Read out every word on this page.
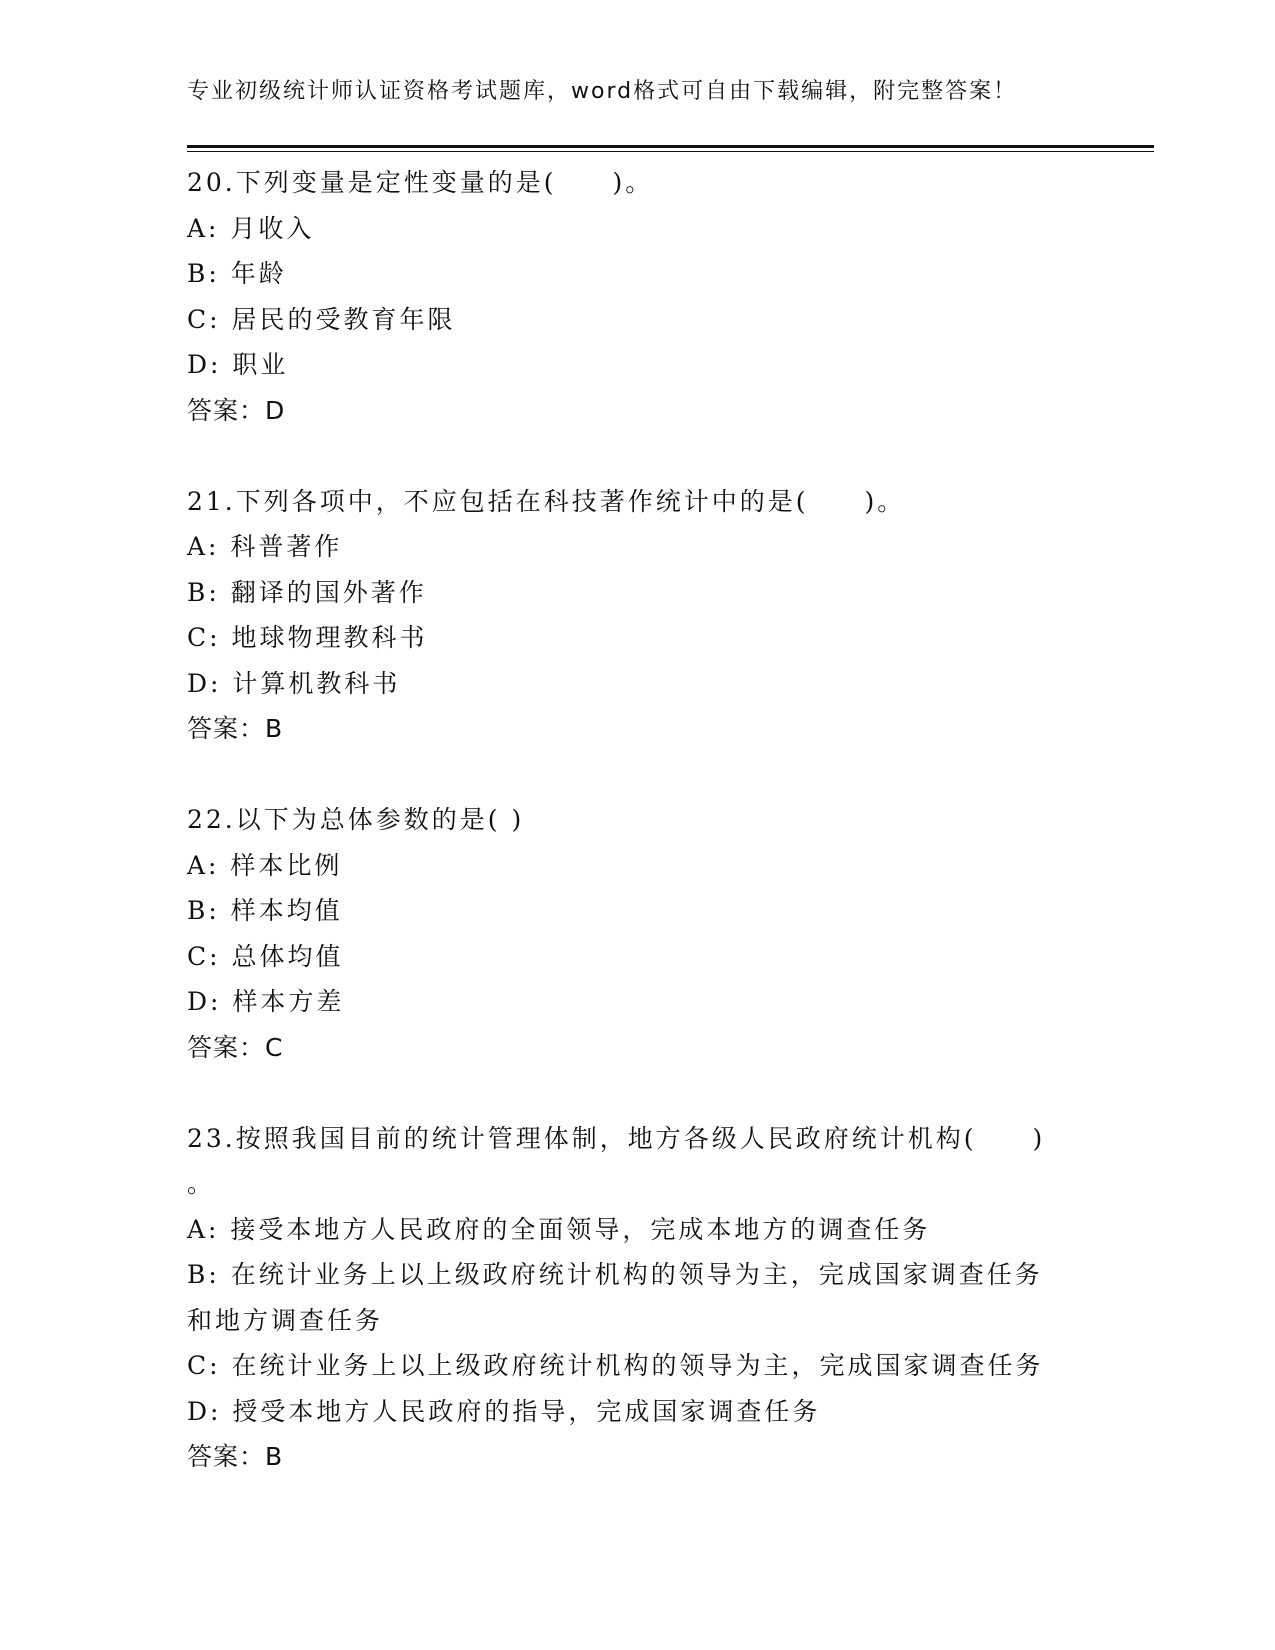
专业初级统计师认证资格考试题库，word格式可自由下载编辑，附完整答案！
20.下列变量是定性变量的是(　　)。
A: 月收入
B: 年龄
C: 居民的受教育年限
D: 职业
答案：D
21.下列各项中，不应包括在科技著作统计中的是(　　)。
A: 科普著作
B: 翻译的国外著作
C: 地球物理教科书
D: 计算机教科书
答案：B
22.以下为总体参数的是( )
A: 样本比例
B: 样本均值
C: 总体均值
D: 样本方差
答案：C
23.按照我国目前的统计管理体制，地方各级人民政府统计机构(　　)
。
A: 接受本地方人民政府的全面领导，完成本地方的调查任务
B: 在统计业务上以上级政府统计机构的领导为主，完成国家调查任务
和地方调查任务
C: 在统计业务上以上级政府统计机构的领导为主，完成国家调查任务
D: 授受本地方人民政府的指导，完成国家调查任务
答案：B
